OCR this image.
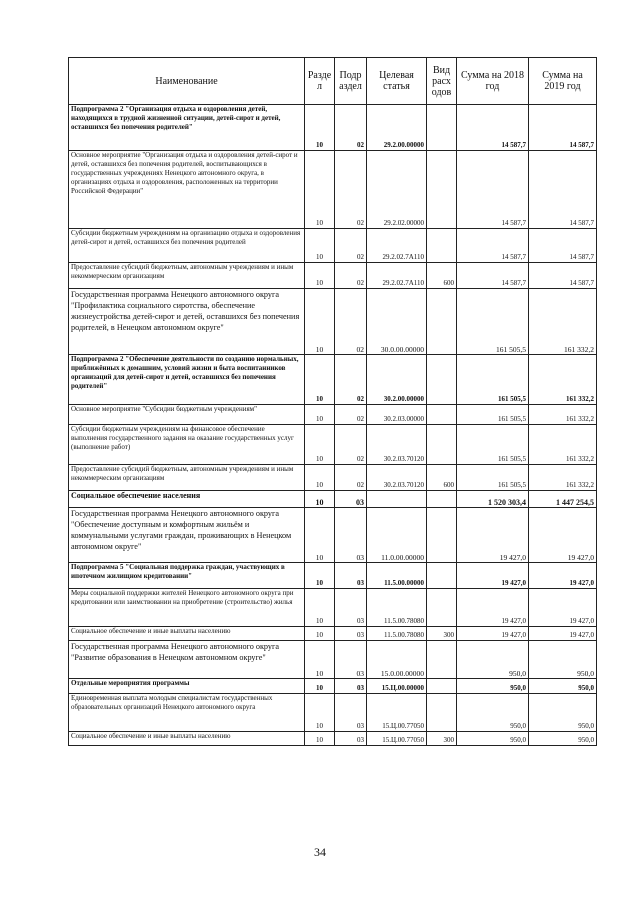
Наименование	Разде л	Подр аздел	Целевая статья	Вид расх одов	Сумма на 2018 год	Сумма на 2019 год
Подпрограмма 2 "Организация отдыха и оздоровления детей, находящихся в трудной жизненной ситуации, детей-сирот и детей, оставшихся без попечения родителей"	10	02	29.2.00.00000		14 587,7	14 587,7
Основное мероприятие "Организация отдыха и оздоровления детей-сирот и детей, оставшихся без попечения родителей, воспитывающихся в государственных учреждениях Ненецкого автономного округа, в организациях отдыха и оздоровления, расположенных на территории Российской Федерации"	10	02	29.2.02.00000		14 587,7	14 587,7
Субсидии бюджетным учреждениям на организацию отдыха и оздоровления детей-сирот и детей, оставшихся без попечения родителей	10	02	29.2.02.7А110		14 587,7	14 587,7
Предоставление субсидий бюджетным, автономным учреждениям и иным некоммерческим организациям	10	02	29.2.02.7А110	600	14 587,7	14 587,7
Государственная программа Ненецкого автономного округа "Профилактика социального сиротства, обеспечение жизнеустройства детей-сирот и детей, оставшихся без попечения родителей, в Ненецком автономном округе"	10	02	30.0.00.00000		161 505,5	161 332,2
Подпрограмма 2 "Обеспечение деятельности по созданию нормальных, приближённых к домашним, условий жизни и быта воспитанников организаций для детей-сирот и детей, оставшихся без попечения родителей"	10	02	30.2.00.00000		161 505,5	161 332,2
Основное мероприятие "Субсидии бюджетным учреждениям"	10	02	30.2.03.00000		161 505,5	161 332,2
Субсидии бюджетным учреждениям на финансовое обеспечение выполнения государственного задания на оказание государственных услуг (выполнение работ)	10	02	30.2.03.70120		161 505,5	161 332,2
Предоставление субсидий бюджетным, автономным учреждениям и иным некоммерческим организациям	10	02	30.2.03.70120	600	161 505,5	161 332,2
Социальное обеспечение населения	10	03			1 520 303,4	1 447 254,5
Государственная программа Ненецкого автономного округа "Обеспечение доступным и комфортным жильём и коммунальными услугами граждан, проживающих в Ненецком автономном округе"	10	03	11.0.00.00000		19 427,0	19 427,0
Подпрограмма 5 "Социальная поддержка граждан, участвующих в ипотечном жилищном кредитовании"	10	03	11.5.00.00000		19 427,0	19 427,0
Меры социальной поддержки жителей Ненецкого автономного округа при кредитовании или заимствовании на приобретение (строительство) жилья	10	03	11.5.00.78080		19 427,0	19 427,0
Социальное обеспечение и иные выплаты населению	10	03	11.5.00.78080	300	19 427,0	19 427,0
Государственная программа Ненецкого автономного округа "Развитие образования в Ненецком автономном округе"	10	03	15.0.00.00000		950,0	950,0
Отдельные мероприятия программы	10	03	15.Ц.00.00000		950,0	950,0
Единовременная выплата молодым специалистам государственных образовательных организаций Ненецкого автономного округа	10	03	15.Ц.00.77050		950,0	950,0
Социальное обеспечение и иные выплаты населению	10	03	15.Ц.00.77050	300	950,0	950,0
34
